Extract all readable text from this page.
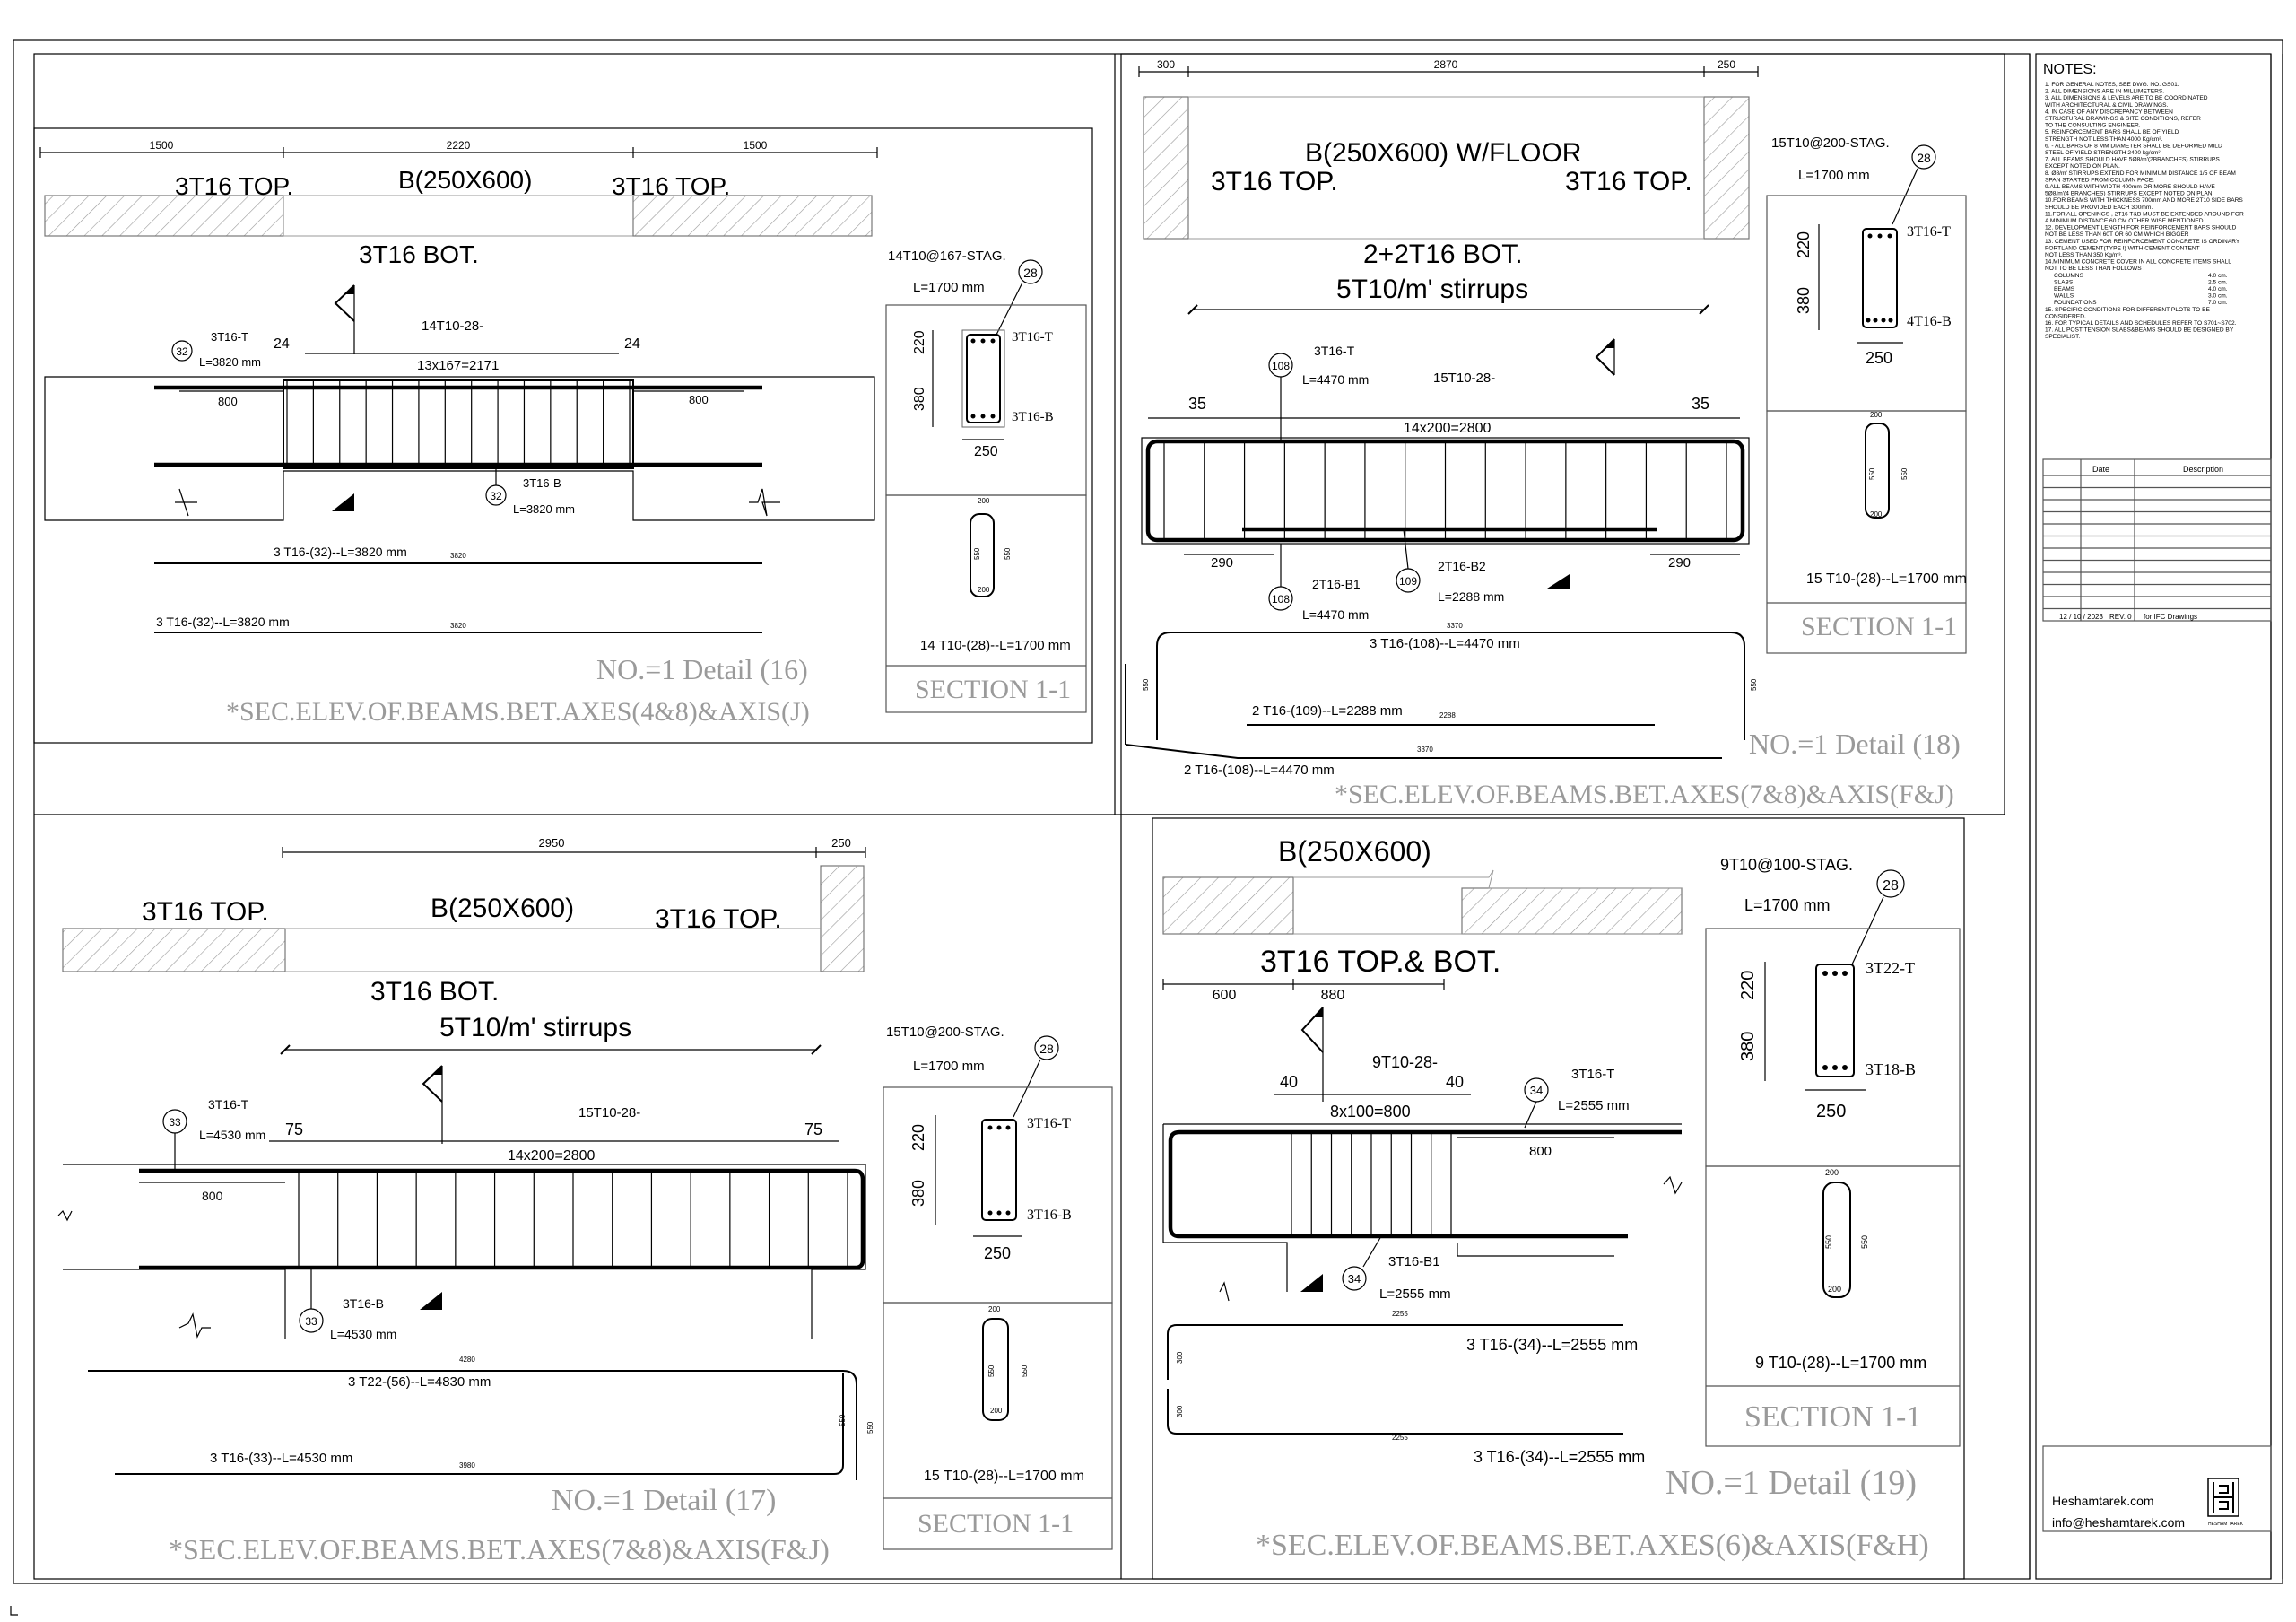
NOTES:
1. FOR GENERAL NOTES, SEE DWG. NO. GS01.
2. ALL DIMENSIONS ARE IN MILLIMETERS.
3. ALL DIMENSIONS & LEVELS ARE TO BE COORDINATED
WITH ARCHITECTURAL & CIVIL DRAWINGS.
4. IN CASE OF ANY DISCREPANCY BETWEEN
STRUCTURAL DRAWINGS & SITE CONDITIONS, REFER
TO THE CONSULTING ENGINEER.
5. REINFORCEMENT BARS SHALL BE OF YIELD
STRENGTH NOT LESS THAN 4000 Kg/cm².
6. - ALL BARS OF 8 MM DIAMETER SHALL BE DEFORMED MILD
STEEL OF YIELD STRENGTH 2400 kg/cm².
7. ALL BEAMS SHOULD HAVE 5Ø8/m'(2BRANCHES) STIRRUPS
EXCEPT NOTED ON PLAN.
8. Ø8/m' STIRRUPS EXTEND FOR MINIMUM DISTANCE 1/5 OF BEAM
SPAN STARTED FROM COLUMN FACE.
9.ALL BEAMS WITH WIDTH 400mm OR MORE SHOULD HAVE
5Ø8/m'(4 BRANCHES) STIRRUPS EXCEPT NOTED ON PLAN.
10.FOR BEAMS WITH THICKNESS 700mm AND MORE 2T10 SIDE BARS
SHOULD BE PROVIDED EACH 300mm.
11.FOR ALL OPENINGS , 2T16 T&B MUST BE EXTENDED AROUND FOR
A MINIMUM DISTANCE 60 CM OTHER WISE MENTIONED.
12. DEVELOPMENT LENGTH FOR REINFORCEMENT BARS SHOULD
NOT BE LESS THAN 60T OR 60 CM WHICH BIGGER
13. CEMENT USED FOR REINFORCEMENT CONCRETE IS ORDINARY
PORTLAND CEMENT(TYPE I) WITH CEMENT CONTENT
NOT LESS THAN 350 Kg/m³.
14.MINIMUM CONCRETE COVER IN ALL CONCRETE ITEMS SHALL
NOT TO BE LESS THAN FOLLOWS :
COLUMNS	4.0 cm.
SLABS	2.5 cm.
BEAMS	4.0 cm.
WALLS	3.0 cm.
FOUNDATIONS	7.0 cm.
15. SPECIFIC CONDITIONS FOR DIFFERENT PLOTS TO BE
CONSIDERED.
16. FOR TYPICAL DETAILS AND SCHEDULES REFER TO S701~S702.
17. ALL POST TENSION SLABS&BEAMS SHOULD BE DESIGNED BY
SPECIALIST.
Date	Description
12 / 10 / 2023 REV. 0 for IFC Drawings
Heshamtarek.com
info@heshamtarek.com	HESHAM TAREK
1500	2220	1500
3T16 TOP.	B(250X600)	3T16 TOP.
3T16 BOT.
14T10-28-
24	24
13x167=2171
32
3T16-T
L=3820 mm
800	800
32
3T16-B
L=3820 mm
3 T16-(32)--L=3820 mm	3820
3 T16-(32)--L=3820 mm	3820
NO.=1 Detail (16)
*SEC.ELEV.OF.BEAMS.BET.AXES(4&8)&AXIS(J)
14T10@167-STAG.
L=1700 mm
28
220
380
3T16-T
3T16-B
250
200
550	550
200
14 T10-(28)--L=1700 mm
SECTION 1-1
300	2870	250
B(250X600) W/FLOOR
3T16 TOP.	3T16 TOP.
2+2T16 BOT.
5T10/m' stirrups
108
3T16-T
L=4470 mm	15T10-28-
35	35
14x200=2800
290	290
108
2T16-B1
L=4470 mm
109
2T16-B2
L=2288 mm
3370
3 T16-(108)--L=4470 mm
550	550
2 T16-(109)--L=2288 mm	2288
3370
2 T16-(108)--L=4470 mm
NO.=1 Detail (18)
*SEC.ELEV.OF.BEAMS.BET.AXES(7&8)&AXIS(F&J)
15T10@200-STAG.
L=1700 mm
28
220
380
3T16-T
4T16-B
250
200
550	550
200
15 T10-(28)--L=1700 mm
SECTION 1-1
2950	250
3T16 TOP.	B(250X600)	3T16 TOP.
3T16 BOT.
5T10/m' stirrups
33
3T16-T
L=4530 mm
15T10-28-
75	75
14x200=2800
800
33
3T16-B
L=4530 mm
4280
3 T22-(56)--L=4830 mm
550
550
3 T16-(33)--L=4530 mm	3980
NO.=1 Detail (17)
*SEC.ELEV.OF.BEAMS.BET.AXES(7&8)&AXIS(F&J)
15T10@200-STAG.
L=1700 mm
28
220
380
3T16-T
3T16-B
250
200
550	550
200
15 T10-(28)--L=1700 mm
SECTION 1-1
B(250X600)
3T16 TOP.& BOT.
600	880
9T10-28-
40	40
8x100=800
34
3T16-T
L=2555 mm
800
34
3T16-B1
L=2555 mm
2255
300
3 T16-(34)--L=2555 mm
300
2255
3 T16-(34)--L=2555 mm
NO.=1 Detail (19)
*SEC.ELEV.OF.BEAMS.BET.AXES(6)&AXIS(F&H)
9T10@100-STAG.
L=1700 mm
28
220
380
3T22-T
3T18-B
250
200
550	550
200
9 T10-(28)--L=1700 mm
SECTION 1-1
